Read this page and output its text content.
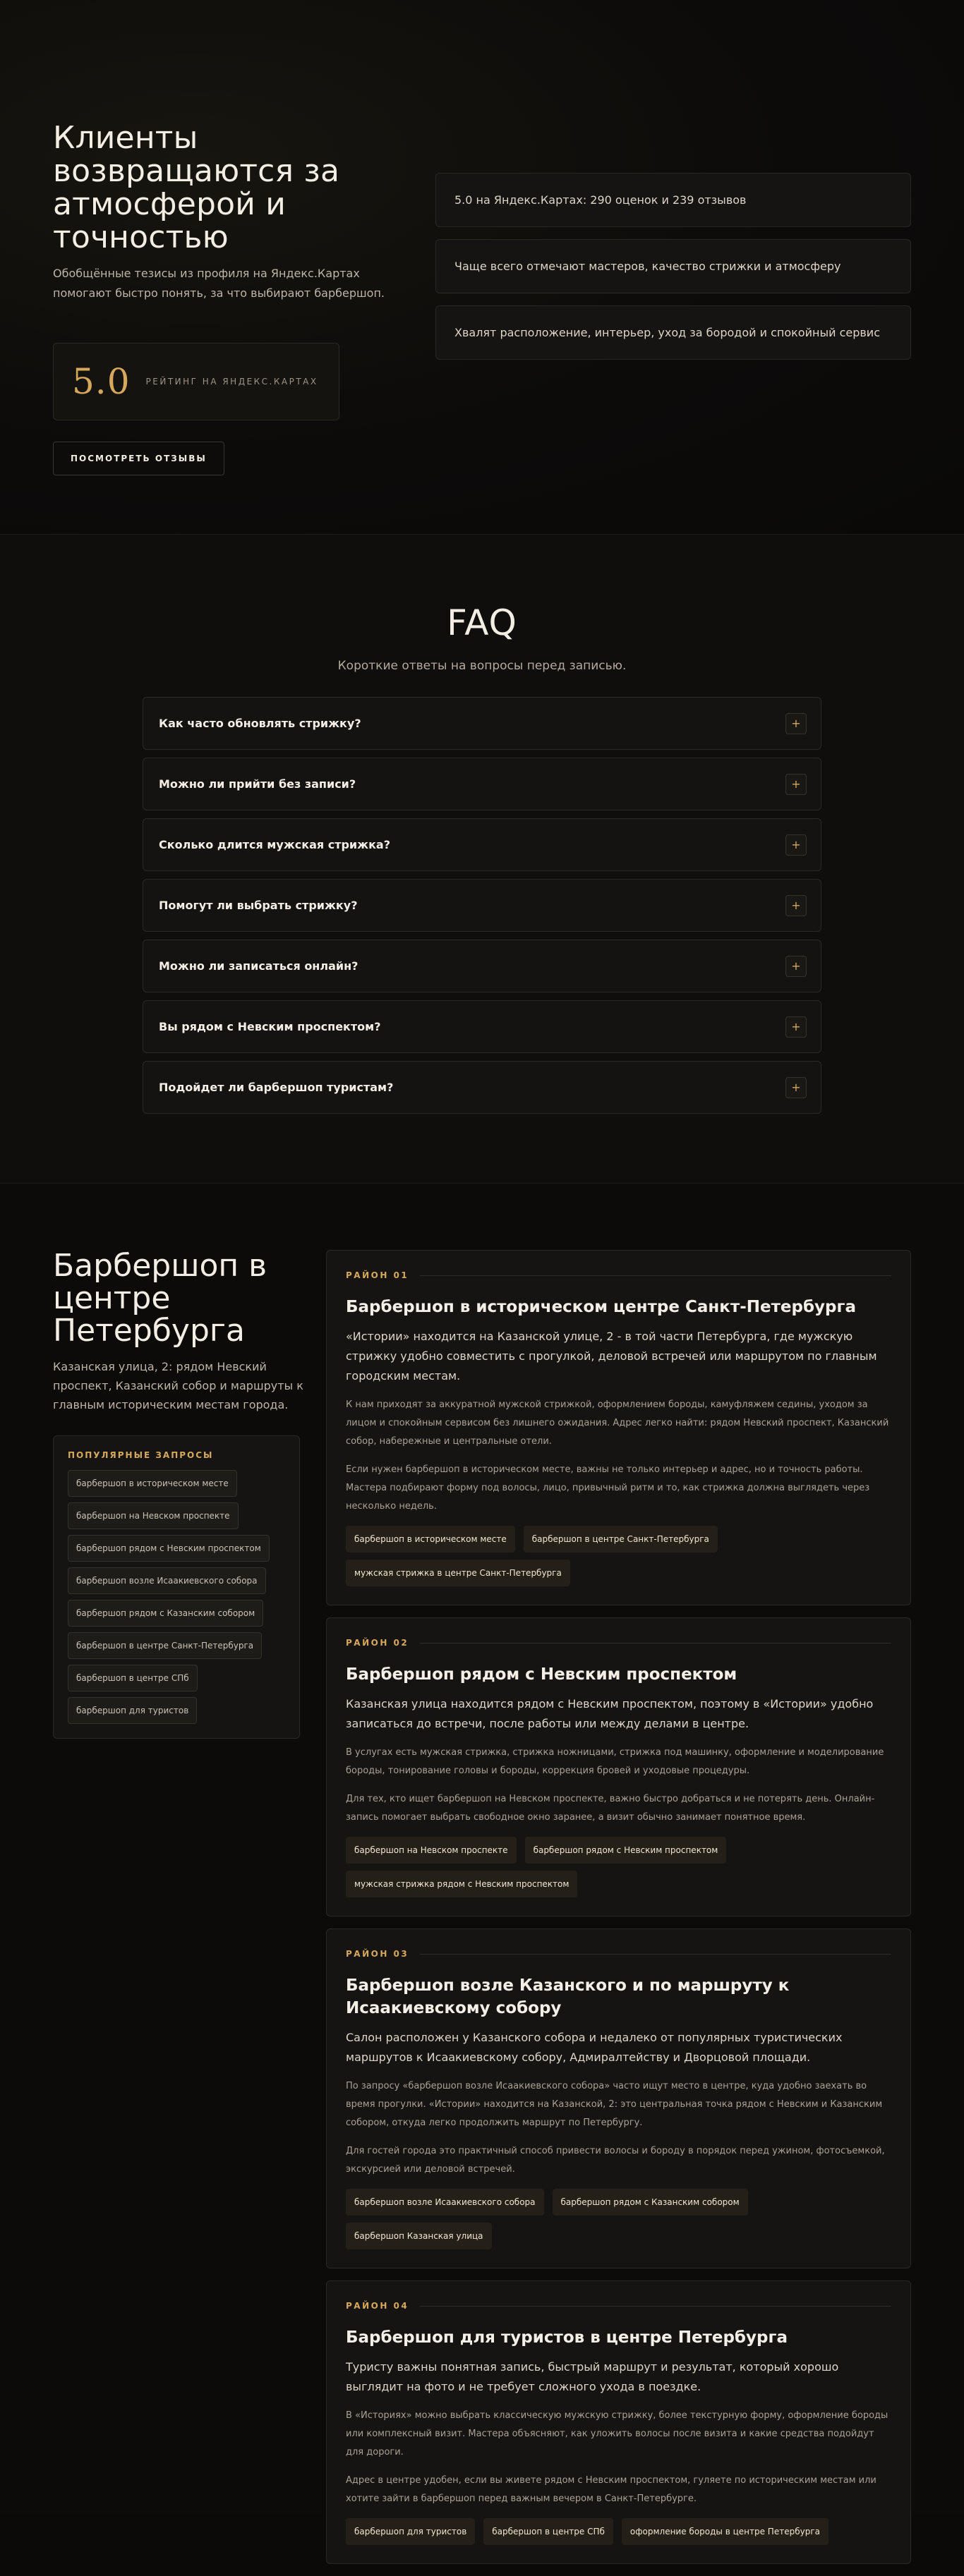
Клиенты возвращаются за атмосферой и точностью

Обобщённые тезисы из профиля на Яндекс.Картах помогают быстро понять, за что выбирают барбершоп.

5.0 РЕЙТИНГ НА ЯНДЕКС.КАРТАХ
ПОСМОТРЕТЬ ОТЗЫВЫ
5.0 на Яндекс.Картах: 290 оценок и 239 отзывов
Чаще всего отмечают мастеров, качество стрижки и атмосферу
Хвалят расположение, интерьер, уход за бородой и спокойный сервис
FAQ

Короткие ответы на вопросы перед записью.

Как часто обновлять стрижку?	+
Можно ли прийти без записи?	+
Сколько длится мужская стрижка?	+
Помогут ли выбрать стрижку?	+
Можно ли записаться онлайн?	+
Вы рядом с Невским проспектом?	+
Подойдет ли барбершоп туристам?	+
Барбершоп в центре Петербурга

Казанская улица, 2: рядом Невский проспект, Казанский собор и маршруты к главным историческим местам города.

ПОПУЛЯРНЫЕ ЗАПРОСЫ
барбершоп в историческом месте
барбершоп на Невском проспекте
барбершоп рядом с Невским проспектом
барбершоп возле Исаакиевского собора
барбершоп рядом с Казанским собором
барбершоп в центре Санкт-Петербурга
барбершоп в центре СПб
барбершоп для туристов
РАЙОН 01
Барбершоп в историческом центре Санкт-Петербурга

«Истории» находится на Казанской улице, 2 - в той части Петербурга, где мужскую стрижку удобно совместить с прогулкой, деловой встречей или маршрутом по главным городским местам.

К нам приходят за аккуратной мужской стрижкой, оформлением бороды, камуфляжем седины, уходом за лицом и спокойным сервисом без лишнего ожидания. Адрес легко найти: рядом Невский проспект, Казанский собор, набережные и центральные отели.

Если нужен барбершоп в историческом месте, важны не только интерьер и адрес, но и точность работы. Мастера подбирают форму под волосы, лицо, привычный ритм и то, как стрижка должна выглядеть через несколько недель.

барбершоп в историческом месте	барбершоп в центре Санкт-Петербурга
мужская стрижка в центре Санкт-Петербурга
РАЙОН 02
Барбершоп рядом с Невским проспектом

Казанская улица находится рядом с Невским проспектом, поэтому в «Истории» удобно записаться до встречи, после работы или между делами в центре.

В услугах есть мужская стрижка, стрижка ножницами, стрижка под машинку, оформление и моделирование бороды, тонирование головы и бороды, коррекция бровей и уходовые процедуры.

Для тех, кто ищет барбершоп на Невском проспекте, важно быстро добраться и не потерять день. Онлайн-запись помогает выбрать свободное окно заранее, а визит обычно занимает понятное время.

барбершоп на Невском проспекте	барбершоп рядом с Невским проспектом
мужская стрижка рядом с Невским проспектом
РАЙОН 03
Барбершоп возле Казанского и по маршруту к Исаакиевскому собору

Салон расположен у Казанского собора и недалеко от популярных туристических маршрутов к Исаакиевскому собору, Адмиралтейству и Дворцовой площади.

По запросу «барбершоп возле Исаакиевского собора» часто ищут место в центре, куда удобно заехать во время прогулки. «Истории» находится на Казанской, 2: это центральная точка рядом с Невским и Казанским собором, откуда легко продолжить маршрут по Петербургу.

Для гостей города это практичный способ привести волосы и бороду в порядок перед ужином, фотосъемкой, экскурсией или деловой встречей.

барбершоп возле Исаакиевского собора	барбершоп рядом с Казанским собором
барбершоп Казанская улица
РАЙОН 04
Барбершоп для туристов в центре Петербурга

Туристу важны понятная запись, быстрый маршрут и результат, который хорошо выглядит на фото и не требует сложного ухода в поездке.

В «Историях» можно выбрать классическую мужскую стрижку, более текстурную форму, оформление бороды или комплексный визит. Мастера объясняют, как уложить волосы после визита и какие средства подойдут для дороги.

Адрес в центре удобен, если вы живете рядом с Невским проспектом, гуляете по историческим местам или хотите зайти в барбершоп перед важным вечером в Санкт-Петербурге.

барбершоп для туристов	барбершоп в центре СПб	оформление бороды в центре Петербурга
